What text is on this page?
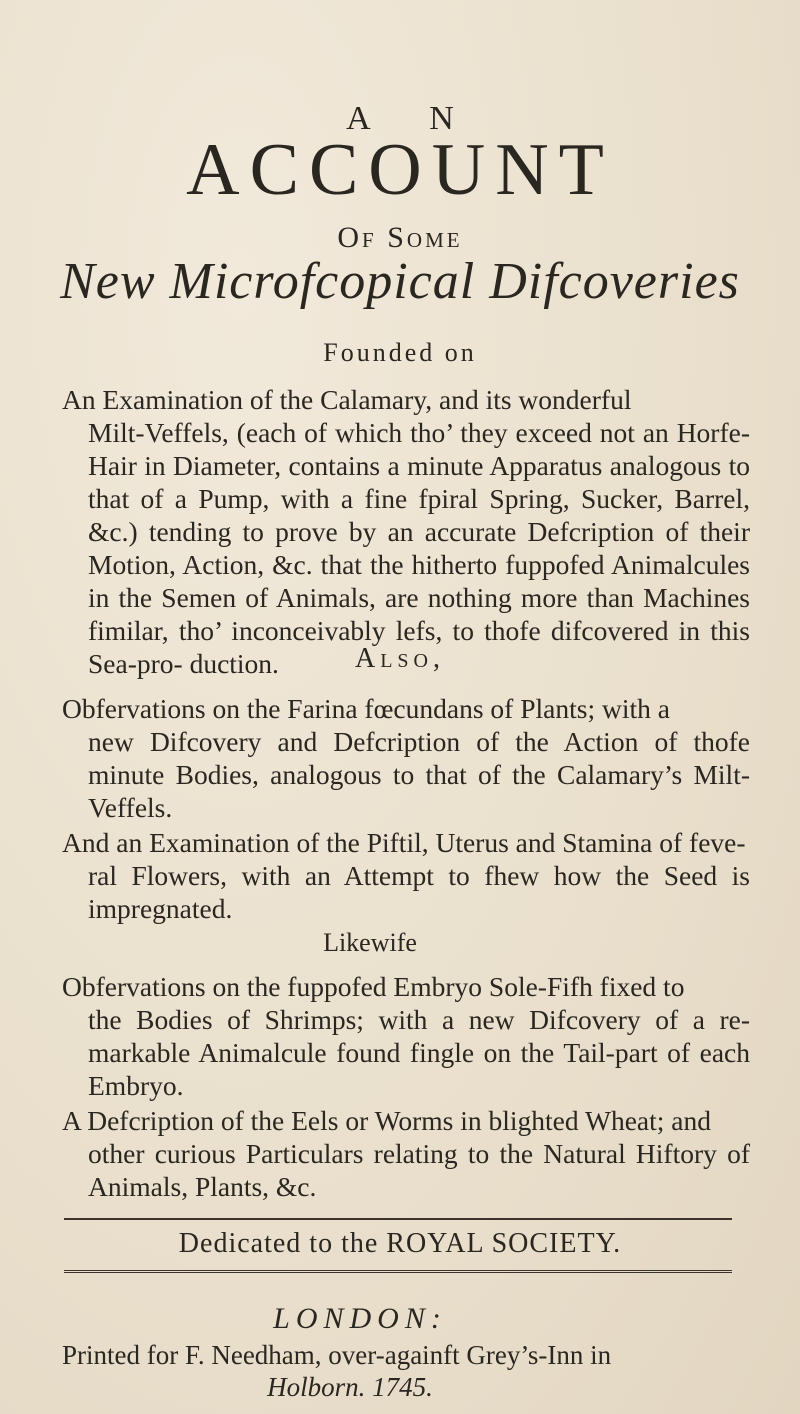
A N
ACCOUNT
Of Some
New Microfcopical Difcoveries
Founded on
An Examination of the Calamary, and its wonderful
Milt-Veffels, (each of which tho’ they exceed not an Horfe- Hair in Diameter, contains a minute Apparatus analogous to that of a Pump, with a fine fpiral Spring, Sucker, Barrel, &c.) tending to prove by an accurate Defcription of their Motion, Action, &c. that the hitherto fuppofed Animalcules in the Semen of Animals, are nothing more than Machines fimilar, tho’ inconceivably lefs, to thofe difcovered in this Sea-pro- duction.	Also,
Obfervations on the Farina fœcundans of Plants; with a
new Difcovery and Defcription of the Action of thofe minute Bodies, analogous to that of the Calamary’s Milt- Veffels.
And an Examination of the Piftil, Uterus and Stamina of feve-
ral Flowers, with an Attempt to fhew how the Seed is impregnated.
Likewife
Obfervations on the fuppofed Embryo Sole-Fifh fixed to
the Bodies of Shrimps; with a new Difcovery of a re- markable Animalcule found fingle on the Tail-part of each Embryo.
A Defcription of the Eels or Worms in blighted Wheat; and
other curious Particulars relating to the Natural Hiftory of Animals, Plants, &c.
Dedicated to the ROYAL SOCIETY.
LONDON:
Printed for F. Needham, over-againft Grey’s-Inn in
Holborn. 1745.
